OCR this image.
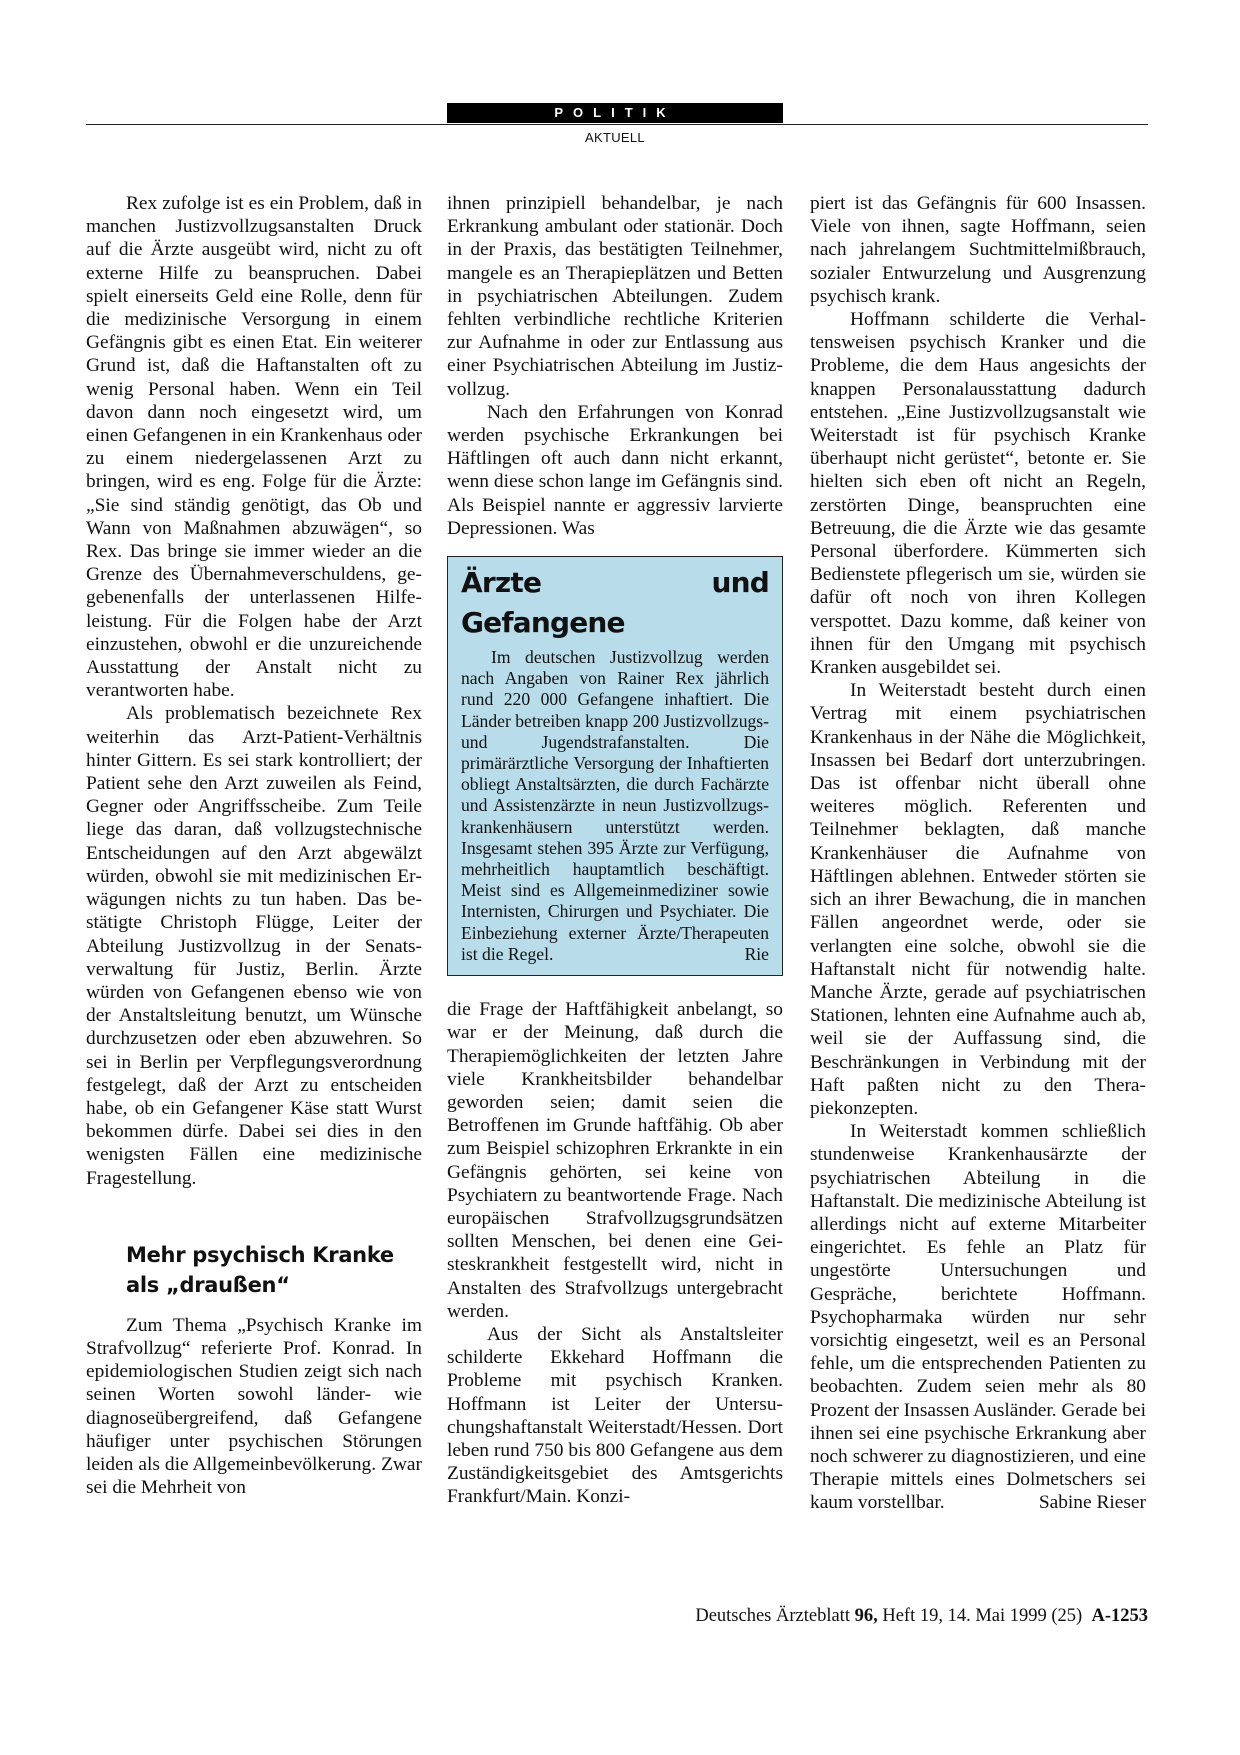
POLITIK
AKTUELL

Rex zufolge ist es ein Problem, daß in manchen Justizvollzugsanstalten Druck auf die Ärzte ausgeübt wird, nicht zu oft externe Hilfe zu beanspruchen. Dabei spielt einerseits Geld eine Rolle, denn für die medizinische Versorgung in einem Gefängnis gibt es einen Etat. Ein weiterer Grund ist, daß die Haftanstalten oft zu wenig Personal haben. Wenn ein Teil davon dann noch eingesetzt wird, um einen Gefangenen in ein Krankenhaus oder zu einem niedergelassenen Arzt zu bringen, wird es eng. Folge für die Ärzte: „Sie sind ständig genötigt, das Ob und Wann von Maßnahmen abzuwägen“, so Rex. Das bringe sie immer wieder an die Grenze des Übernahmeverschuldens, gegebenenfalls der unterlassenen Hilfeleistung. Für die Folgen habe der Arzt einzustehen, obwohl er die unzureichende Ausstattung der Anstalt nicht zu verantworten habe.

Als problematisch bezeichnete Rex weiterhin das Arzt-Patient-Verhältnis hinter Gittern. Es sei stark kontrolliert; der Patient sehe den Arzt zuweilen als Feind, Gegner oder Angriffsscheibe. Zum Teile liege das daran, daß vollzugstechnische Entscheidungen auf den Arzt abgewälzt würden, obwohl sie mit medizinischen Erwägungen nichts zu tun haben. Das bestätigte Christoph Flügge, Leiter der Abteilung Justizvollzug in der Senatsverwaltung für Justiz, Berlin. Ärzte würden von Gefangenen ebenso wie von der Anstaltsleitung benutzt, um Wünsche durchzusetzen oder eben abzuwehren. So sei in Berlin per Verpflegungsverordnung festgelegt, daß der Arzt zu entscheiden habe, ob ein Gefangener Käse statt Wurst bekommen dürfe. Dabei sei dies in den wenigsten Fällen eine medizinische Fragestellung.

Mehr psychisch Kranke
als „draußen“

Zum Thema „Psychisch Kranke im Strafvollzug“ referierte Prof. Konrad. In epidemiologischen Studien zeigt sich nach seinen Worten sowohl länder- wie diagnoseübergreifend, daß Gefangene häufiger unter psychischen Störungen leiden als die Allgemeinbevölkerung. Zwar sei die Mehrheit von

ihnen prinzipiell behandelbar, je nach Erkrankung ambulant oder stationär. Doch in der Praxis, das bestätigten Teilnehmer, mangele es an Therapieplätzen und Betten in psychiatrischen Abteilungen. Zudem fehlten verbindliche rechtliche Kriterien zur Aufnahme in oder zur Entlassung aus einer Psychiatrischen Abteilung im Justizvollzug.

Nach den Erfahrungen von Konrad werden psychische Erkrankungen bei Häftlingen oft auch dann nicht erkannt, wenn diese schon lange im Gefängnis sind. Als Beispiel nannte er aggressiv larvierte Depressionen. Was

Ärzte und Gefangene
Im deutschen Justizvollzug werden nach Angaben von Rainer Rex jährlich rund 220 000 Gefangene inhaftiert. Die Länder betreiben knapp 200 Justizvollzugs- und Jugendstrafanstalten. Die primärärztliche Versorgung der Inhaftierten obliegt Anstaltsärzten, die durch Fachärzte und Assistenzärzte in neun Justizvollzugskrankenhäusern unterstützt werden. Insgesamt stehen 395 Ärzte zur Verfügung, mehrheitlich hauptamtlich beschäftigt. Meist sind es Allgemeinmediziner sowie Internisten, Chirurgen und Psychiater. Die Einbeziehung externer Ärzte/Therapeuten ist die Regel.	Rie

die Frage der Haftfähigkeit anbelangt, so war er der Meinung, daß durch die Therapiemöglichkeiten der letzten Jahre viele Krankheitsbilder behandelbar geworden seien; damit seien die Betroffenen im Grunde haftfähig. Ob aber zum Beispiel schizophren Erkrankte in ein Gefängnis gehörten, sei keine von Psychiatern zu beantwortende Frage. Nach europäischen Strafvollzugsgrundsätzen sollten Menschen, bei denen eine Geisteskrankheit festgestellt wird, nicht in Anstalten des Strafvollzugs untergebracht werden.

Aus der Sicht als Anstaltsleiter schilderte Ekkehard Hoffmann die Probleme mit psychisch Kranken. Hoffmann ist Leiter der Untersuchungshaftanstalt Weiterstadt/Hessen. Dort leben rund 750 bis 800 Gefangene aus dem Zuständigkeitsgebiet des Amtsgerichts Frankfurt/Main. Konzi-

piert ist das Gefängnis für 600 Insassen. Viele von ihnen, sagte Hoffmann, seien nach jahrelangem Suchtmittelmißbrauch, sozialer Entwurzelung und Ausgrenzung psychisch krank.

Hoffmann schilderte die Verhaltensweisen psychisch Kranker und die Probleme, die dem Haus angesichts der knappen Personalausstattung dadurch entstehen. „Eine Justizvollzugsanstalt wie Weiterstadt ist für psychisch Kranke überhaupt nicht gerüstet“, betonte er. Sie hielten sich eben oft nicht an Regeln, zerstörten Dinge, beanspruchten eine Betreuung, die die Ärzte wie das gesamte Personal überfordere. Kümmerten sich Bedienstete pflegerisch um sie, würden sie dafür oft noch von ihren Kollegen verspottet. Dazu komme, daß keiner von ihnen für den Umgang mit psychisch Kranken ausgebildet sei.

In Weiterstadt besteht durch einen Vertrag mit einem psychiatrischen Krankenhaus in der Nähe die Möglichkeit, Insassen bei Bedarf dort unterzubringen. Das ist offenbar nicht überall ohne weiteres möglich. Referenten und Teilnehmer beklagten, daß manche Krankenhäuser die Aufnahme von Häftlingen ablehnen. Entweder störten sie sich an ihrer Bewachung, die in manchen Fällen angeordnet werde, oder sie verlangten eine solche, obwohl sie die Haftanstalt nicht für notwendig halte. Manche Ärzte, gerade auf psychiatrischen Stationen, lehnten eine Aufnahme auch ab, weil sie der Auffassung sind, die Beschränkungen in Verbindung mit der Haft paßten nicht zu den Therapiekonzepten.

In Weiterstadt kommen schließlich stundenweise Krankenhausärzte der psychiatrischen Abteilung in die Haftanstalt. Die medizinische Abteilung ist allerdings nicht auf externe Mitarbeiter eingerichtet. Es fehle an Platz für ungestörte Untersuchungen und Gespräche, berichtete Hoffmann. Psychopharmaka würden nur sehr vorsichtig eingesetzt, weil es an Personal fehle, um die entsprechenden Patienten zu beobachten. Zudem seien mehr als 80 Prozent der Insassen Ausländer. Gerade bei ihnen sei eine psychische Erkrankung aber noch schwerer zu diagnostizieren, und eine Therapie mittels eines Dolmetschers sei kaum vorstellbar.	Sabine Rieser

Deutsches Ärzteblatt 96, Heft 19, 14. Mai 1999 (25) A-1253
